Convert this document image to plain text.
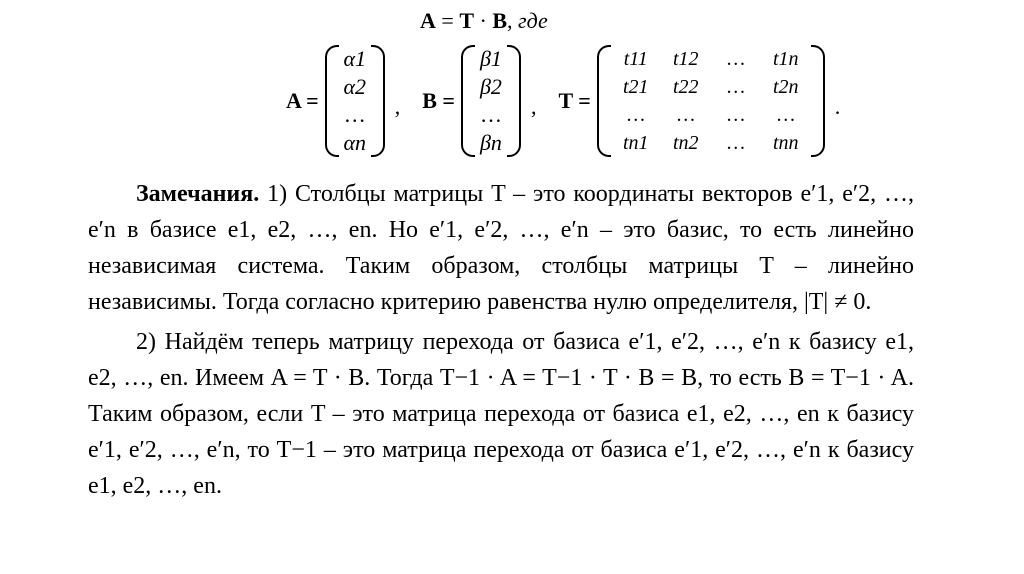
A = T · B, где
A =
α1
α2
…
αn
, B =
β1
β2
…
βn
, T =
t11	t12	…	t1n
t21	t22	…	t2n
…	…	…	…
tn1	tn2	…	tnn
.

Замечания. 1) Столбцы матрицы T – это координаты векторов e′1, e′2, …, e′n в базисе e1, e2, …, en. Но e′1, e′2, …, e′n – это базис, то есть линейно независимая система. Таким образом, столбцы матрицы T – линейно независимы. Тогда согласно критерию равенства нулю определителя, |T| ≠ 0.

2) Найдём теперь матрицу перехода от базиса e′1, e′2, …, e′n к базису e1, e2, …, en. Имеем A = T · B. Тогда T−1 · A = T−1 · T · B = B, то есть B = T−1 · A. Таким образом, если T – это матрица перехода от базиса e1, e2, …, en к базису e′1, e′2, …, e′n, то T−1 – это матрица перехода от базиса e′1, e′2, …, e′n к базису e1, e2, …, en.
